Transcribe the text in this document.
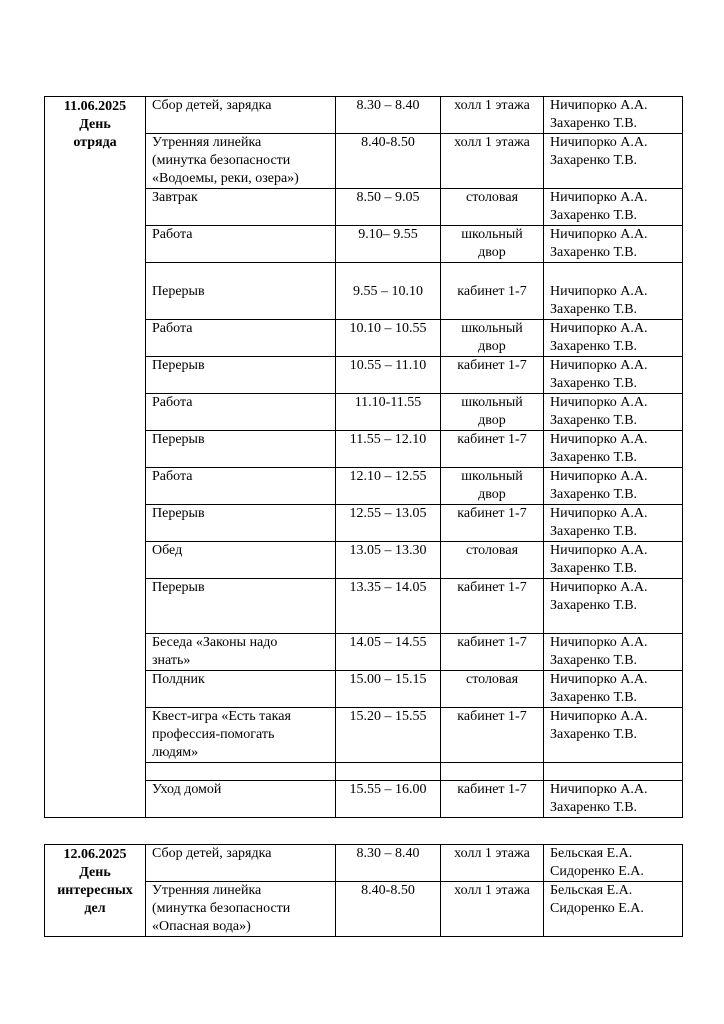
11.06.2025
День
отряда	Сбор детей, зарядка	8.30 – 8.40	холл 1 этажа	Ничипорко А.А.
Захаренко Т.В.

	Утренняя линейка
(минутка безопасности
«Водоемы, реки, озера»)	8.40-8.50	холл 1 этажа	Ничипорко А.А.
Захаренко Т.В.

	Завтрак	8.50 – 9.05	столовая	Ничипорко А.А.
Захаренко Т.В.

	Работа	9.10– 9.55	школьный
двор	Ничипорко А.А.
Захаренко Т.В.

	Перерыв	9.55 – 10.10	кабинет 1-7	Ничипорко А.А.
Захаренко Т.В.

	Работа	10.10 – 10.55	школьный
двор	Ничипорко А.А.
Захаренко Т.В.

	Перерыв	10.55 – 11.10	кабинет 1-7	Ничипорко А.А.
Захаренко Т.В.

	Работа	11.10-11.55	школьный
двор	Ничипорко А.А.
Захаренко Т.В.

	Перерыв	11.55 – 12.10	кабинет 1-7	Ничипорко А.А.
Захаренко Т.В.

	Работа	12.10 – 12.55	школьный
двор	Ничипорко А.А.
Захаренко Т.В.

	Перерыв	12.55 – 13.05	кабинет 1-7	Ничипорко А.А.
Захаренко Т.В.

	Обед	13.05 – 13.30	столовая	Ничипорко А.А.
Захаренко Т.В.

	Перерыв	13.35 – 14.05	кабинет 1-7	Ничипорко А.А.
Захаренко Т.В.

	Беседа «Законы надо
знать»	14.05 – 14.55	кабинет 1-7	Ничипорко А.А.
Захаренко Т.В.

	Полдник	15.00 – 15.15	столовая	Ничипорко А.А.
Захаренко Т.В.

	Квест-игра «Есть такая
профессия-помогать
людям»	15.20 – 15.55	кабинет 1-7	Ничипорко А.А.
Захаренко Т.В.

	Уход домой	15.55 – 16.00	кабинет 1-7	Ничипорко А.А.
Захаренко Т.В.
12.06.2025
День
интересных
дел	Сбор детей, зарядка	8.30 – 8.40	холл 1 этажа	Бельская Е.А.
Сидоренко Е.А.

	Утренняя линейка
(минутка безопасности
«Опасная вода»)	8.40-8.50	холл 1 этажа	Бельская Е.А.
Сидоренко Е.А.
